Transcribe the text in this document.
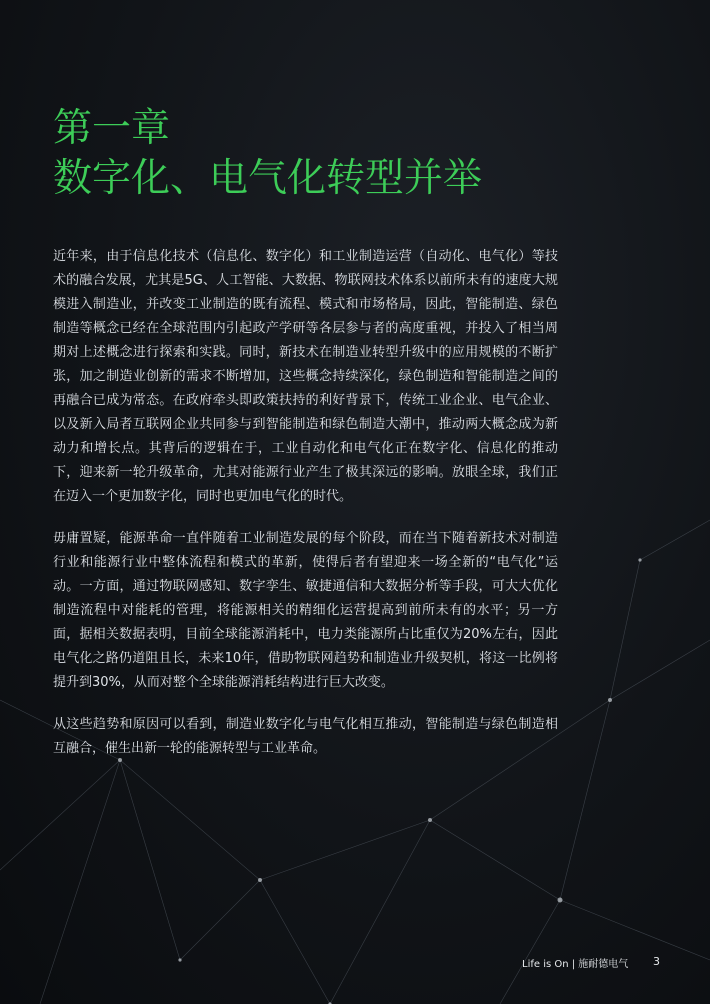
第一章
数字化、电气化转型并举

近年来，由于信息化技术（信息化、数字化）和工业制造运营（自动化、电气化）等技术的融合发展，尤其是5G、人工智能、大数据、物联网技术体系以前所未有的速度大规模进入制造业，并改变工业制造的既有流程、模式和市场格局，因此，智能制造、绿色制造等概念已经在全球范围内引起政产学研等各层参与者的高度重视，并投入了相当周期对上述概念进行探索和实践。同时，新技术在制造业转型升级中的应用规模的不断扩张，加之制造业创新的需求不断增加，这些概念持续深化，绿色制造和智能制造之间的再融合已成为常态。在政府牵头即政策扶持的利好背景下，传统工业企业、电气企业、以及新入局者互联网企业共同参与到智能制造和绿色制造大潮中，推动两大概念成为新动力和增长点。其背后的逻辑在于，工业自动化和电气化正在数字化、信息化的推动下，迎来新一轮升级革命，尤其对能源行业产生了极其深远的影响。放眼全球，我们正在迈入一个更加数字化，同时也更加电气化的时代。

毋庸置疑，能源革命一直伴随着工业制造发展的每个阶段，而在当下随着新技术对制造行业和能源行业中整体流程和模式的革新，使得后者有望迎来一场全新的“电气化”运动。一方面，通过物联网感知、数字孪生、敏捷通信和大数据分析等手段，可大大优化制造流程中对能耗的管理，将能源相关的精细化运营提高到前所未有的水平；另一方面，据相关数据表明，目前全球能源消耗中，电力类能源所占比重仅为20%左右，因此电气化之路仍道阻且长，未来10年，借助物联网趋势和制造业升级契机，将这一比例将提升到30%，从而对整个全球能源消耗结构进行巨大改变。

从这些趋势和原因可以看到，制造业数字化与电气化相互推动，智能制造与绿色制造相互融合，催生出新一轮的能源转型与工业革命。

Life is On | 施耐德电气 3
